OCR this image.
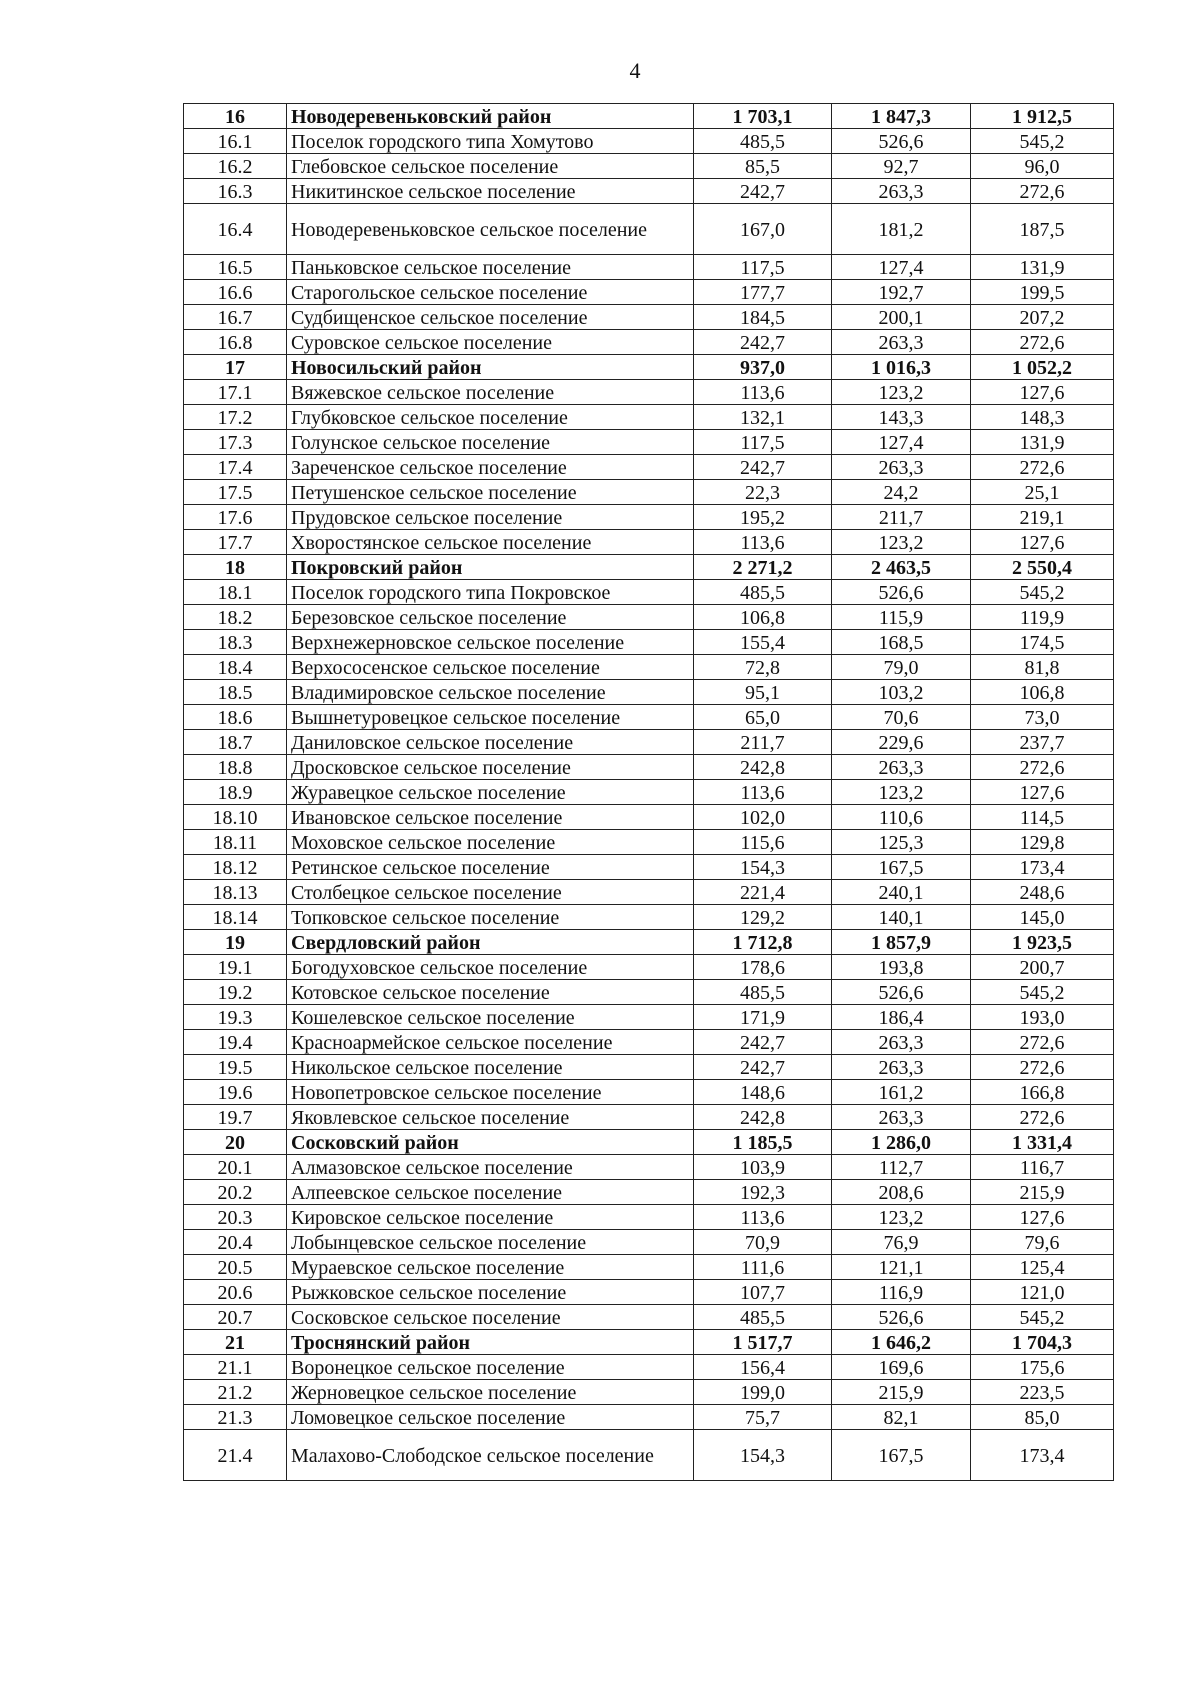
4
16	Новодеревеньковский район	1 703,1	1 847,3	1 912,5
16.1	Поселок городского типа Хомутово	485,5	526,6	545,2
16.2	Глебовское сельское поселение	85,5	92,7	96,0
16.3	Никитинское сельское поселение	242,7	263,3	272,6
16.4	Новодеревеньковское сельское поселение	167,0	181,2	187,5
16.5	Паньковское сельское поселение	117,5	127,4	131,9
16.6	Старогольское сельское поселение	177,7	192,7	199,5
16.7	Судбищенское сельское поселение	184,5	200,1	207,2
16.8	Суровское сельское поселение	242,7	263,3	272,6
17	Новосильский район	937,0	1 016,3	1 052,2
17.1	Вяжевское сельское поселение	113,6	123,2	127,6
17.2	Глубковское сельское поселение	132,1	143,3	148,3
17.3	Голунское сельское поселение	117,5	127,4	131,9
17.4	Зареченское сельское поселение	242,7	263,3	272,6
17.5	Петушенское сельское поселение	22,3	24,2	25,1
17.6	Прудовское сельское поселение	195,2	211,7	219,1
17.7	Хворостянское сельское поселение	113,6	123,2	127,6
18	Покровский район	2 271,2	2 463,5	2 550,4
18.1	Поселок городского типа Покровское	485,5	526,6	545,2
18.2	Березовское сельское поселение	106,8	115,9	119,9
18.3	Верхнежерновское сельское поселение	155,4	168,5	174,5
18.4	Верхососенское сельское поселение	72,8	79,0	81,8
18.5	Владимировское сельское поселение	95,1	103,2	106,8
18.6	Вышнетуровецкое сельское поселение	65,0	70,6	73,0
18.7	Даниловское сельское поселение	211,7	229,6	237,7
18.8	Дросковское сельское поселение	242,8	263,3	272,6
18.9	Журавецкое сельское поселение	113,6	123,2	127,6
18.10	Ивановское сельское поселение	102,0	110,6	114,5
18.11	Моховское сельское поселение	115,6	125,3	129,8
18.12	Ретинское сельское поселение	154,3	167,5	173,4
18.13	Столбецкое сельское поселение	221,4	240,1	248,6
18.14	Топковское сельское поселение	129,2	140,1	145,0
19	Свердловский район	1 712,8	1 857,9	1 923,5
19.1	Богодуховское сельское поселение	178,6	193,8	200,7
19.2	Котовское сельское поселение	485,5	526,6	545,2
19.3	Кошелевское сельское поселение	171,9	186,4	193,0
19.4	Красноармейское сельское поселение	242,7	263,3	272,6
19.5	Никольское сельское поселение	242,7	263,3	272,6
19.6	Новопетровское сельское поселение	148,6	161,2	166,8
19.7	Яковлевское сельское поселение	242,8	263,3	272,6
20	Сосковский район	1 185,5	1 286,0	1 331,4
20.1	Алмазовское сельское поселение	103,9	112,7	116,7
20.2	Алпеевское сельское поселение	192,3	208,6	215,9
20.3	Кировское сельское поселение	113,6	123,2	127,6
20.4	Лобынцевское сельское поселение	70,9	76,9	79,6
20.5	Мураевское сельское поселение	111,6	121,1	125,4
20.6	Рыжковское сельское поселение	107,7	116,9	121,0
20.7	Сосковское сельское поселение	485,5	526,6	545,2
21	Троснянский район	1 517,7	1 646,2	1 704,3
21.1	Воронецкое сельское поселение	156,4	169,6	175,6
21.2	Жерновецкое сельское поселение	199,0	215,9	223,5
21.3	Ломовецкое сельское поселение	75,7	82,1	85,0
21.4	Малахово-Слободское сельское поселение	154,3	167,5	173,4
